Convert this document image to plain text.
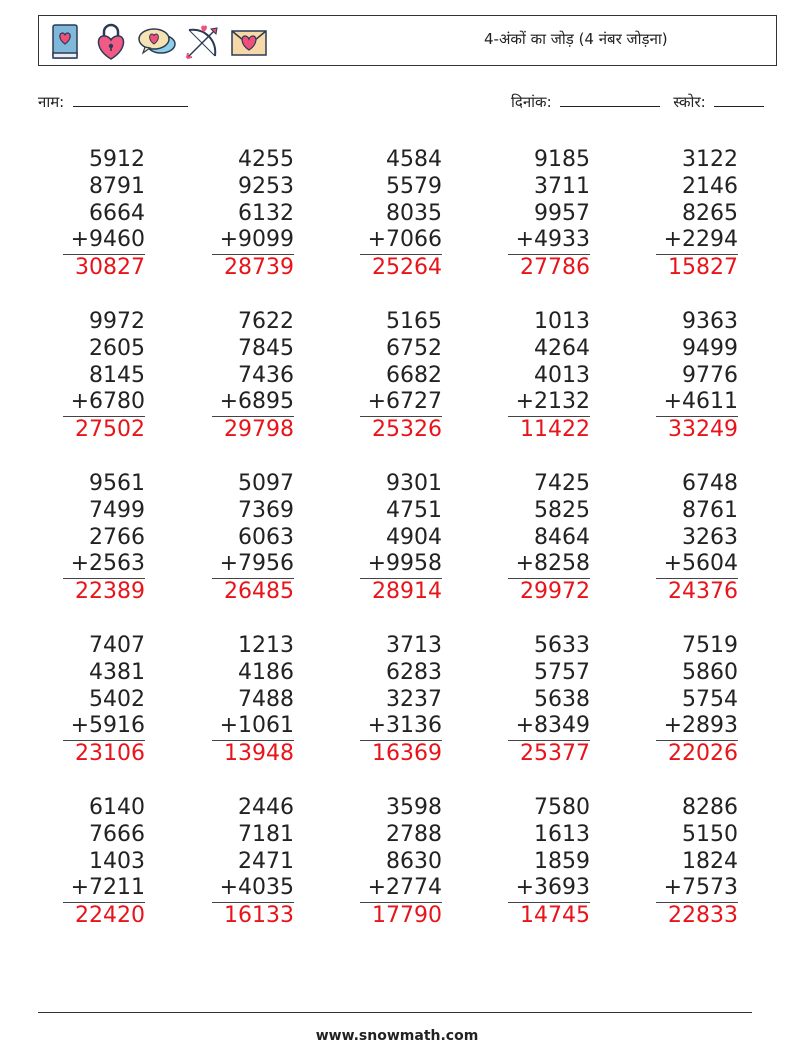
4-अंकों का जोड़ (4 नंबर जोड़ना)
नाम:	दिनांक:	स्कोर:
5912
8791
6664
+9460
30827
4255
9253
6132
+9099
28739
4584
5579
8035
+7066
25264
9185
3711
9957
+4933
27786
3122
2146
8265
+2294
15827
9972
2605
8145
+6780
27502
7622
7845
7436
+6895
29798
5165
6752
6682
+6727
25326
1013
4264
4013
+2132
11422
9363
9499
9776
+4611
33249
9561
7499
2766
+2563
22389
5097
7369
6063
+7956
26485
9301
4751
4904
+9958
28914
7425
5825
8464
+8258
29972
6748
8761
3263
+5604
24376
7407
4381
5402
+5916
23106
1213
4186
7488
+1061
13948
3713
6283
3237
+3136
16369
5633
5757
5638
+8349
25377
7519
5860
5754
+2893
22026
6140
7666
1403
+7211
22420
2446
7181
2471
+4035
16133
3598
2788
8630
+2774
17790
7580
1613
1859
+3693
14745
8286
5150
1824
+7573
22833
www.snowmath.com
